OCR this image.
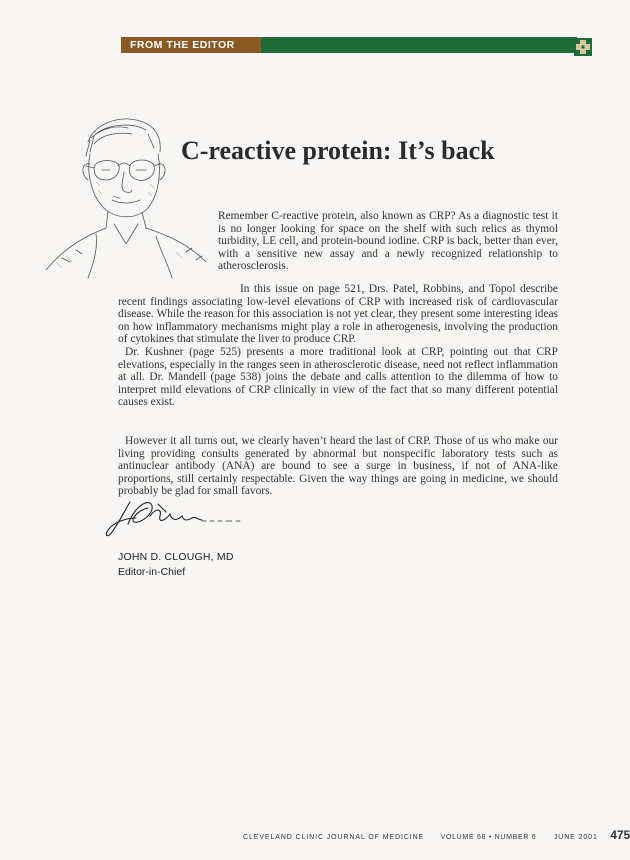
FROM THE EDITOR
C-reactive protein: It’s back

Remember C-reactive protein, also known as CRP? As a diagnostic test it is no longer looking for space on the shelf with such relics as thymol turbidity, LE cell, and protein-bound iodine. CRP is back, better than ever, with a sensitive new assay and a newly recognized relationship to atherosclerosis.

In this issue on page 521, Drs. Patel, Robbins, and Topol describe recent findings associating low-level elevations of CRP with increased risk of cardiovascular disease. While the reason for this association is not yet clear, they present some interesting ideas on how inflammatory mechanisms might play a role in atherogenesis, involving the production of cytokines that stimulate the liver to produce CRP.

Dr. Kushner (page 525) presents a more traditional look at CRP, pointing out that CRP elevations, especially in the ranges seen in atherosclerotic disease, need not reflect inflammation at all. Dr. Mandell (page 538) joins the debate and calls attention to the dilemma of how to interpret mild elevations of CRP clinically in view of the fact that so many different potential causes exist.

However it all turns out, we clearly haven’t heard the last of CRP. Those of us who make our living providing consults generated by abnormal but nonspecific laboratory tests such as antinuclear antibody (ANA) are bound to see a surge in business, if not of ANA-like proportions, still certainly respectable. Given the way things are going in medicine, we should probably be glad for small favors.

JOHN D. CLOUGH, MD
Editor-in-Chief
CLEVELAND CLINIC JOURNAL OF MEDICINE VOLUME 68 • NUMBER 6 JUNE 2001 475
